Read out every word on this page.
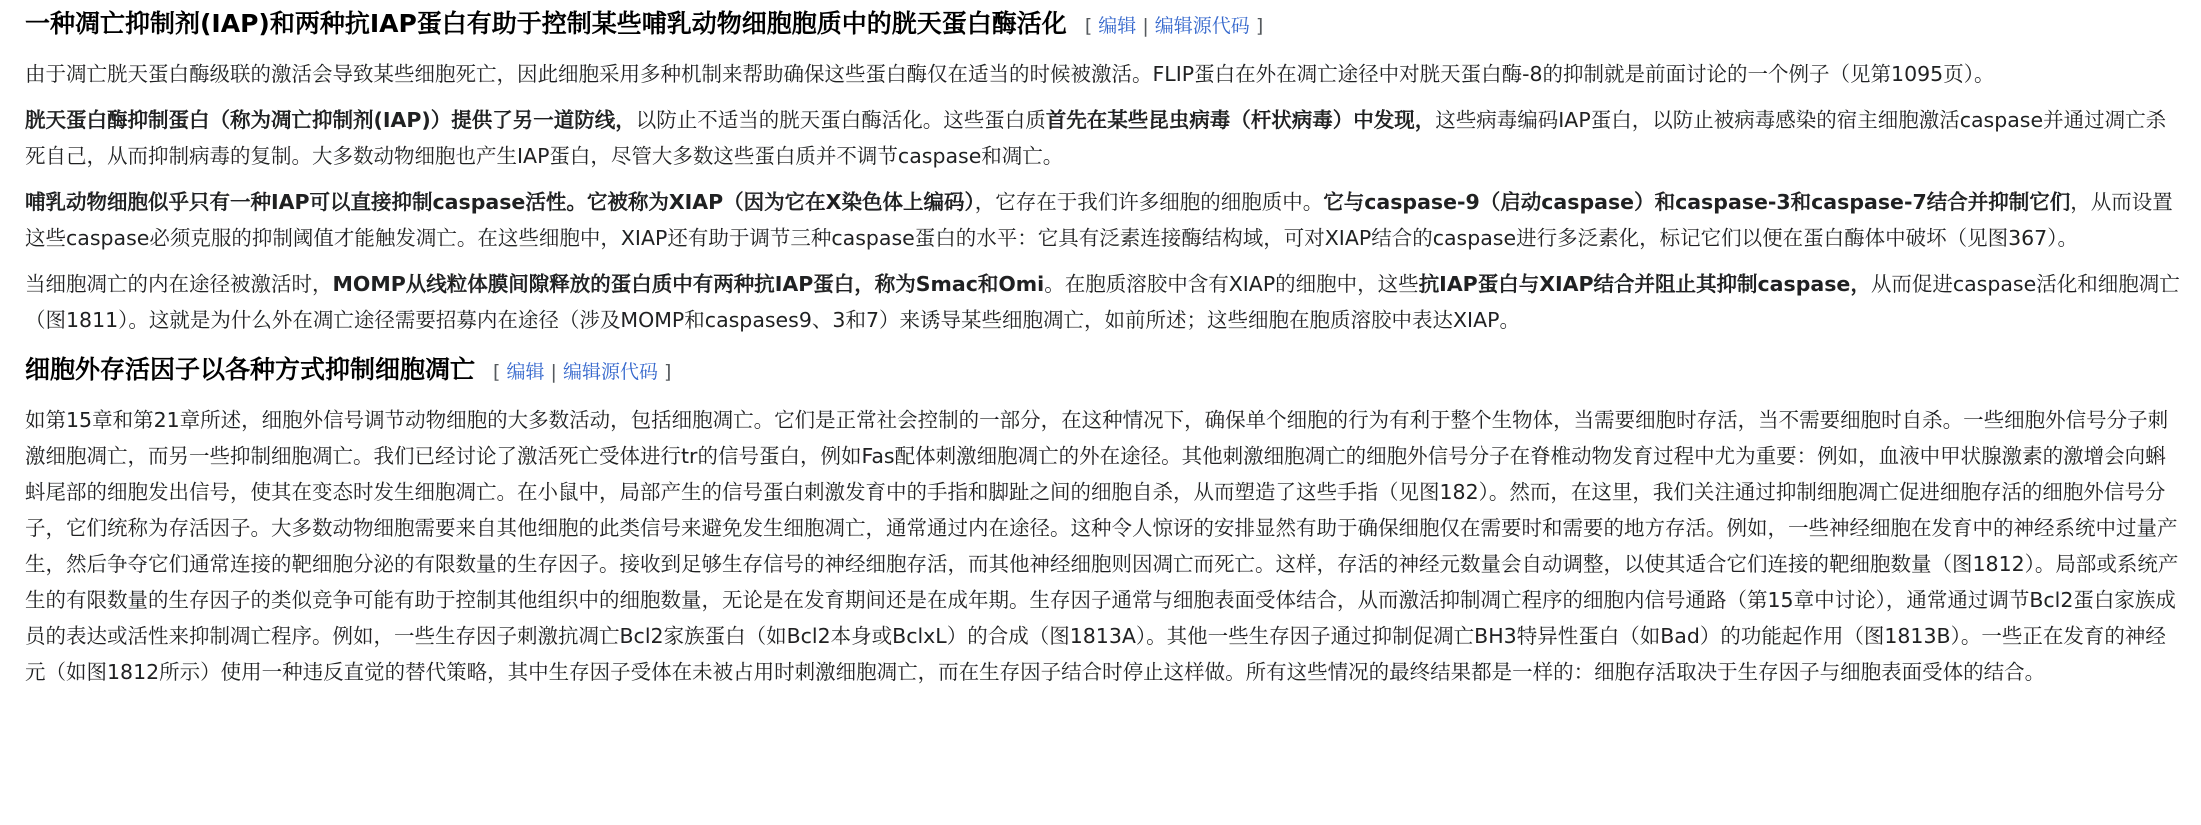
一种凋亡抑制剂(IAP)和两种抗IAP蛋白有助于控制某些哺乳动物细胞胞质中的胱天蛋白酶活化 [ 编辑 | 编辑源代码 ]

由于凋亡胱天蛋白酶级联的激活会导致某些细胞死亡，因此细胞采用多种机制来帮助确保这些蛋白酶仅在适当的时候被激活。FLIP蛋白在外在凋亡途径中对胱天蛋白酶-8的抑制就是前面讨论的一个例子（见第1095页）。

胱天蛋白酶抑制蛋白（称为凋亡抑制剂(IAP)）提供了另一道防线，以防止不适当的胱天蛋白酶活化。这些蛋白质首先在某些昆虫病毒（杆状病毒）中发现，这些病毒编码IAP蛋白，以防止被病毒感染的宿主细胞激活caspase并通过凋亡杀死自己，从而抑制病毒的复制。大多数动物细胞也产生IAP蛋白，尽管大多数这些蛋白质并不调节caspase和凋亡。

哺乳动物细胞似乎只有一种IAP可以直接抑制caspase活性。它被称为XIAP（因为它在X染色体上编码），它存在于我们许多细胞的细胞质中。它与caspase-9（启动caspase）和caspase-3和caspase-7结合并抑制它们，从而设置这些caspase必须克服的抑制阈值才能触发凋亡。在这些细胞中，XIAP还有助于调节三种caspase蛋白的水平：它具有泛素连接酶结构域，可对XIAP结合的caspase进行多泛素化，标记它们以便在蛋白酶体中破坏（见图367）。

当细胞凋亡的内在途径被激活时，MOMP从线粒体膜间隙释放的蛋白质中有两种抗IAP蛋白，称为Smac和Omi。在胞质溶胶中含有XIAP的细胞中，这些抗IAP蛋白与XIAP结合并阻止其抑制caspase，从而促进caspase活化和细胞凋亡（图1811）。这就是为什么外在凋亡途径需要招募内在途径（涉及MOMP和caspases9、3和7）来诱导某些细胞凋亡，如前所述；这些细胞在胞质溶胶中表达XIAP。

细胞外存活因子以各种方式抑制细胞凋亡 [ 编辑 | 编辑源代码 ]

如第15章和第21章所述，细胞外信号调节动物细胞的大多数活动，包括细胞凋亡。它们是正常社会控制的一部分，在这种情况下，确保单个细胞的行为有利于整个生物体，当需要细胞时存活，当不需要细胞时自杀。一些细胞外信号分子刺激细胞凋亡，而另一些抑制细胞凋亡。我们已经讨论了激活死亡受体进行tr的信号蛋白，例如Fas配体刺激细胞凋亡的外在途径。其他刺激细胞凋亡的细胞外信号分子在脊椎动物发育过程中尤为重要：例如，血液中甲状腺激素的激增会向蝌蚪尾部的细胞发出信号，使其在变态时发生细胞凋亡。在小鼠中，局部产生的信号蛋白刺激发育中的手指和脚趾之间的细胞自杀，从而塑造了这些手指（见图182）。然而，在这里，我们关注通过抑制细胞凋亡促进细胞存活的细胞外信号分子，它们统称为存活因子。大多数动物细胞需要来自其他细胞的此类信号来避免发生细胞凋亡，通常通过内在途径。这种令人惊讶的安排显然有助于确保细胞仅在需要时和需要的地方存活。例如，一些神经细胞在发育中的神经系统中过量产生，然后争夺它们通常连接的靶细胞分泌的有限数量的生存因子。接收到足够生存信号的神经细胞存活，而其他神经细胞则因凋亡而死亡。这样，存活的神经元数量会自动调整，以使其适合它们连接的靶细胞数量（图1812）。局部或系统产生的有限数量的生存因子的类似竞争可能有助于控制其他组织中的细胞数量，无论是在发育期间还是在成年期。生存因子通常与细胞表面受体结合，从而激活抑制凋亡程序的细胞内信号通路（第15章中讨论），通常通过调节Bcl2蛋白家族成员的表达或活性来抑制凋亡程序。例如，一些生存因子刺激抗凋亡Bcl2家族蛋白（如Bcl2本身或BclxL）的合成（图1813A）。其他一些生存因子通过抑制促凋亡BH3特异性蛋白（如Bad）的功能起作用（图1813B）。一些正在发育的神经元（如图1812所示）使用一种违反直觉的替代策略，其中生存因子受体在未被占用时刺激细胞凋亡，而在生存因子结合时停止这样做。所有这些情况的最终结果都是一样的：细胞存活取决于生存因子与细胞表面受体的结合。
